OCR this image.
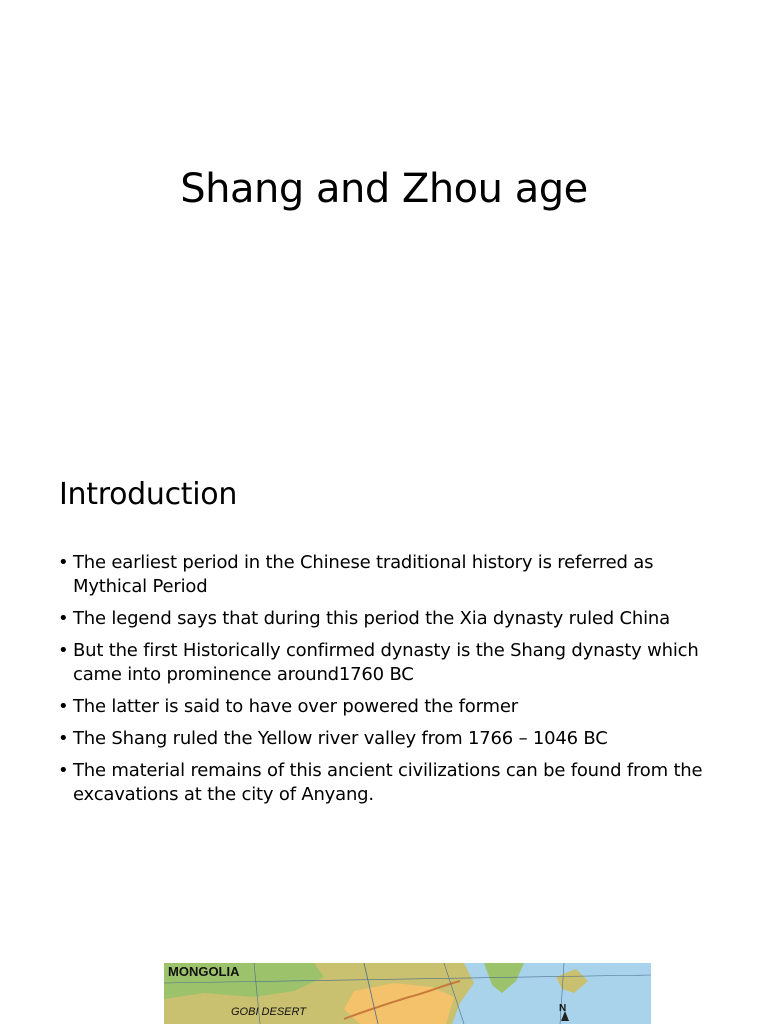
Shang and Zhou age
Introduction
• The earliest period in the Chinese traditional history is referred as Mythical Period
• The legend says that during this period the Xia dynasty ruled China
• But the first Historically confirmed dynasty is the Shang dynasty which came into prominence around1760 BC
• The latter is said to have over powered the former
• The Shang ruled the Yellow river valley from 1766 – 1046 BC
• The material remains of this ancient civilizations can be found from the excavations at the city of Anyang.
MONGOLIA
GOBI DESERT	N
